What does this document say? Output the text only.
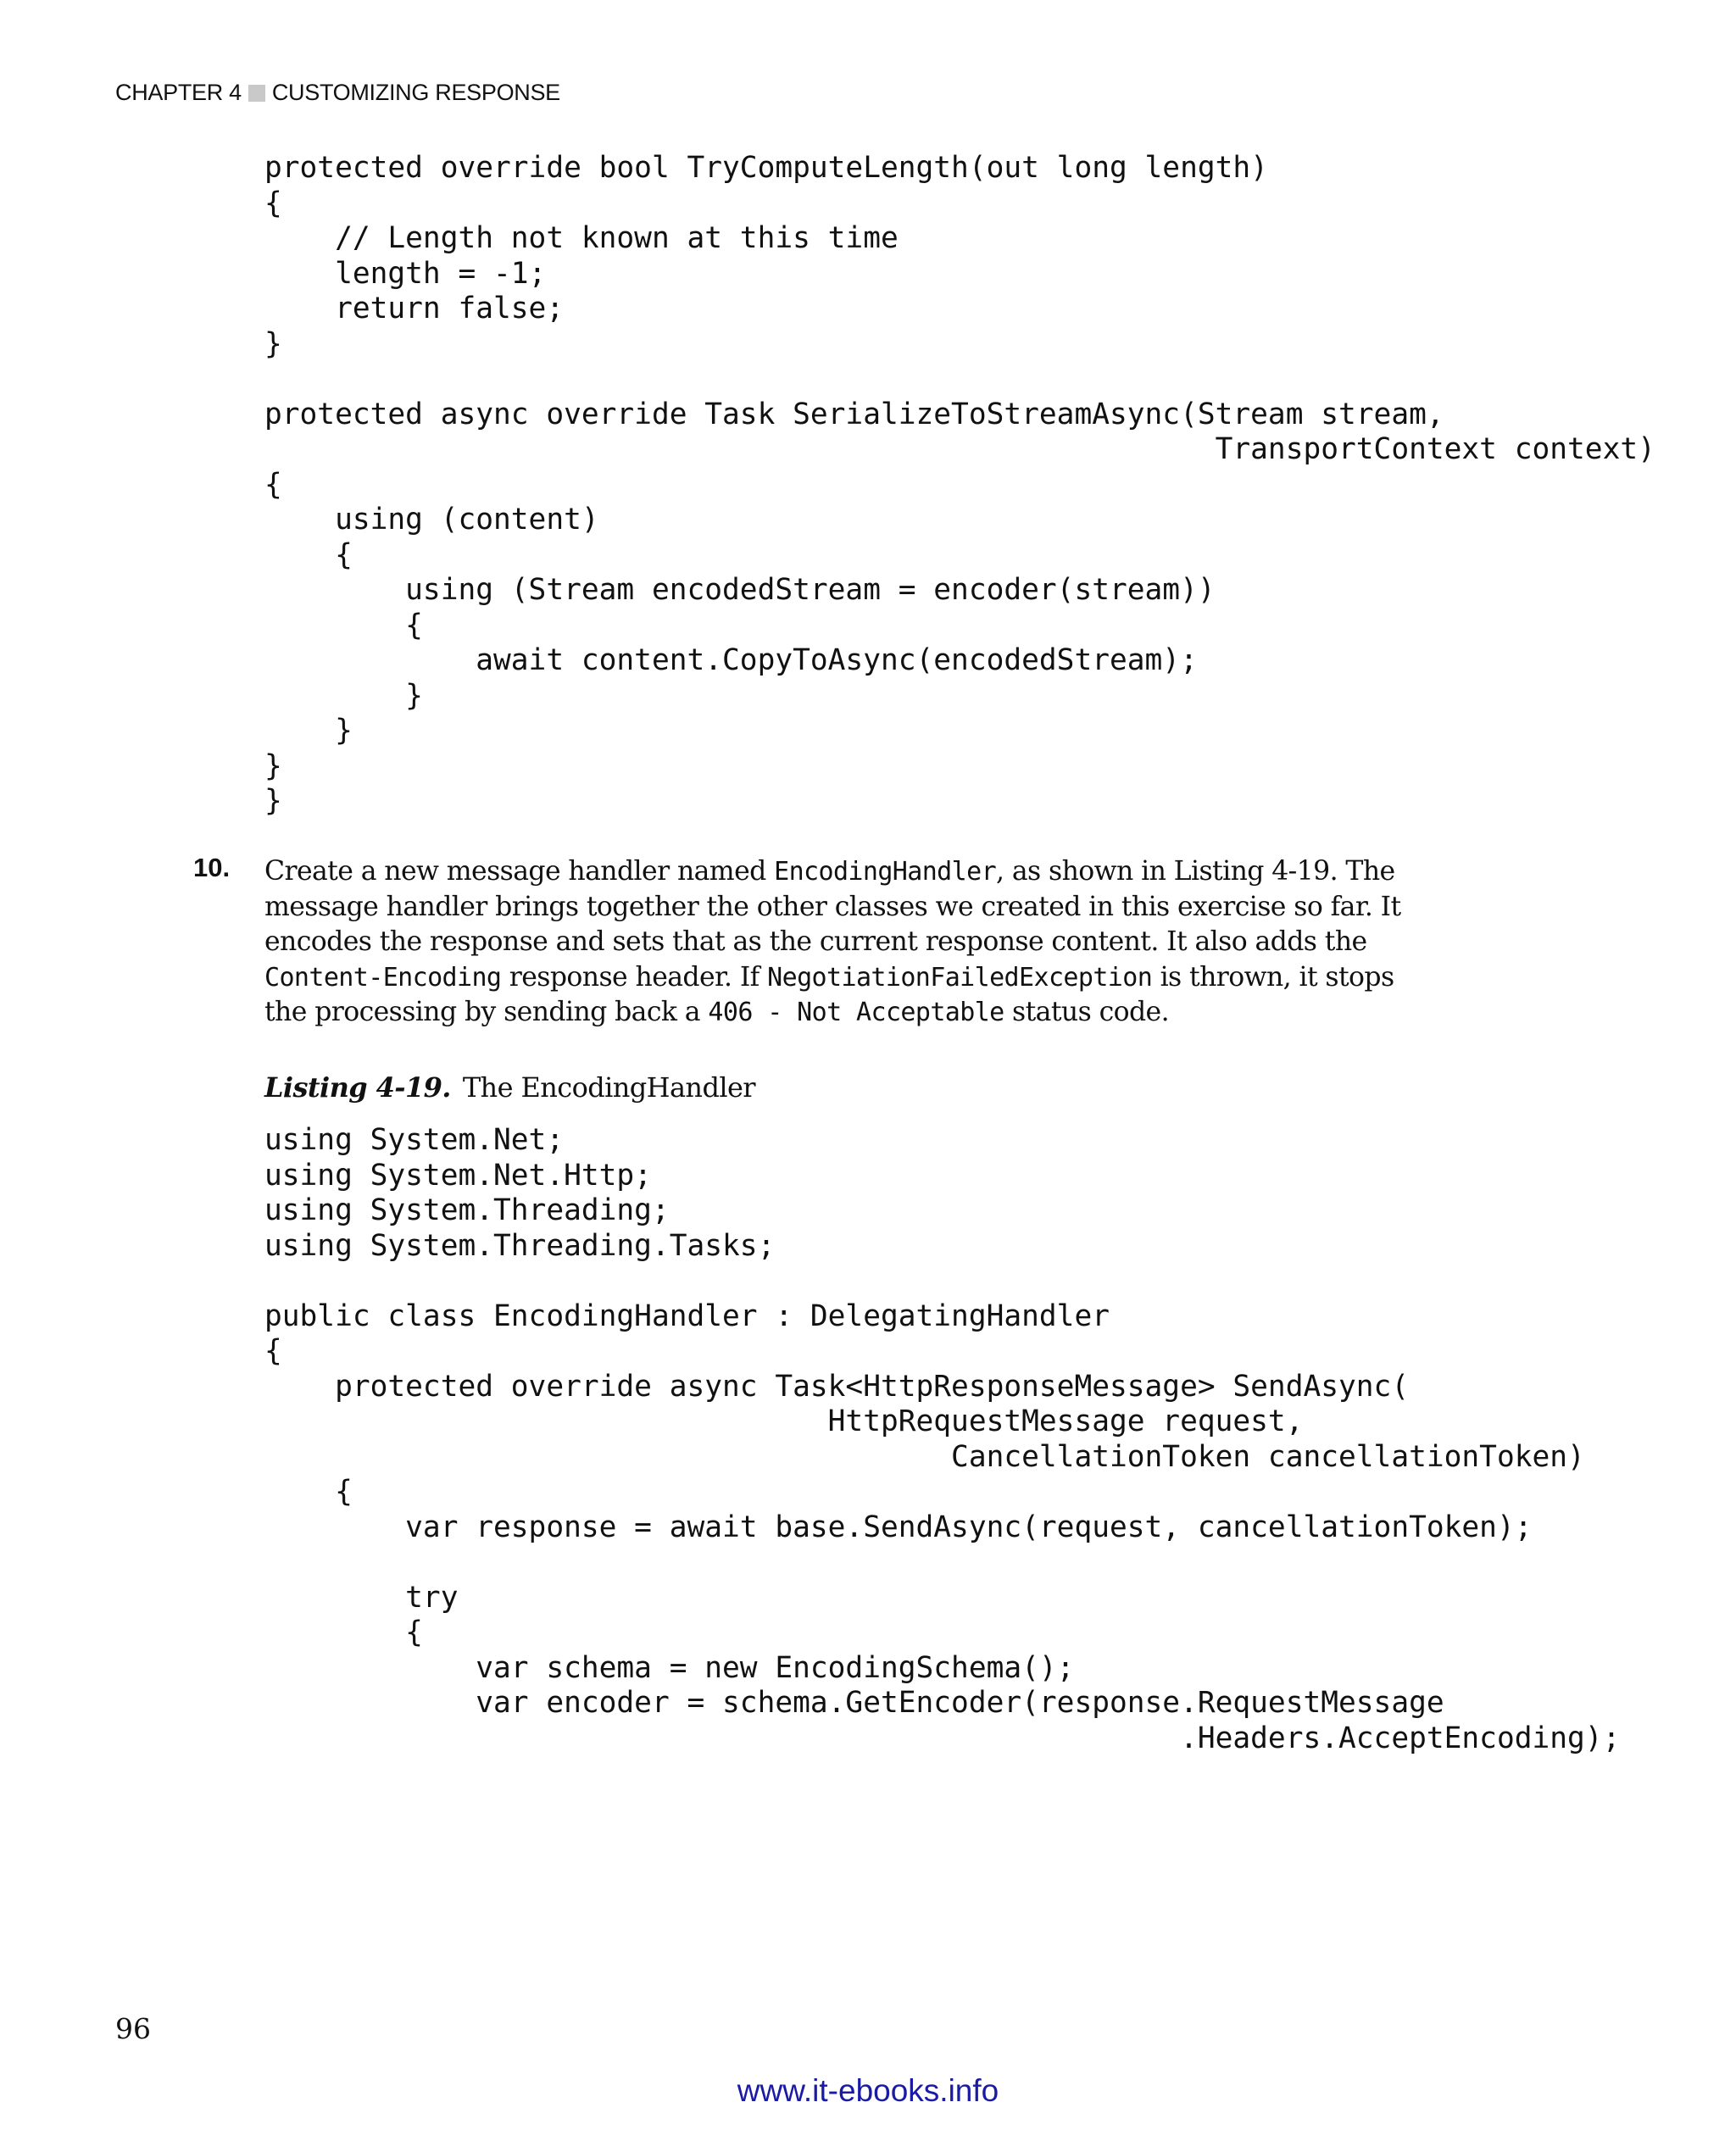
CHAPTER 4 CUSTOMIZING RESPONSE
protected override bool TryComputeLength(out long length)
{
// Length not known at this time
length = -1;
return false;
}

protected async override Task SerializeToStreamAsync(Stream stream,
TransportContext context)
{
using (content)
{
using (Stream encodedStream = encoder(stream))
{
await content.CopyToAsync(encodedStream);
}
}
}
}

10. Create a new message handler named EncodingHandler, as shown in Listing 4-19. The
message handler brings together the other classes we created in this exercise so far. It
encodes the response and sets that as the current response content. It also adds the
Content-Encoding response header. If NegotiationFailedException is thrown, it stops
the processing by sending back a 406 - Not Acceptable status code.
Listing 4-19. The EncodingHandler
using System.Net;
using System.Net.Http;
using System.Threading;
using System.Threading.Tasks;

public class EncodingHandler : DelegatingHandler
{
protected override async Task<HttpResponseMessage> SendAsync(
HttpRequestMessage request,
CancellationToken cancellationToken)
{
var response = await base.SendAsync(request, cancellationToken);

try
{
var schema = new EncodingSchema();
var encoder = schema.GetEncoder(response.RequestMessage
.Headers.AcceptEncoding);

96
www.it-ebooks.info
